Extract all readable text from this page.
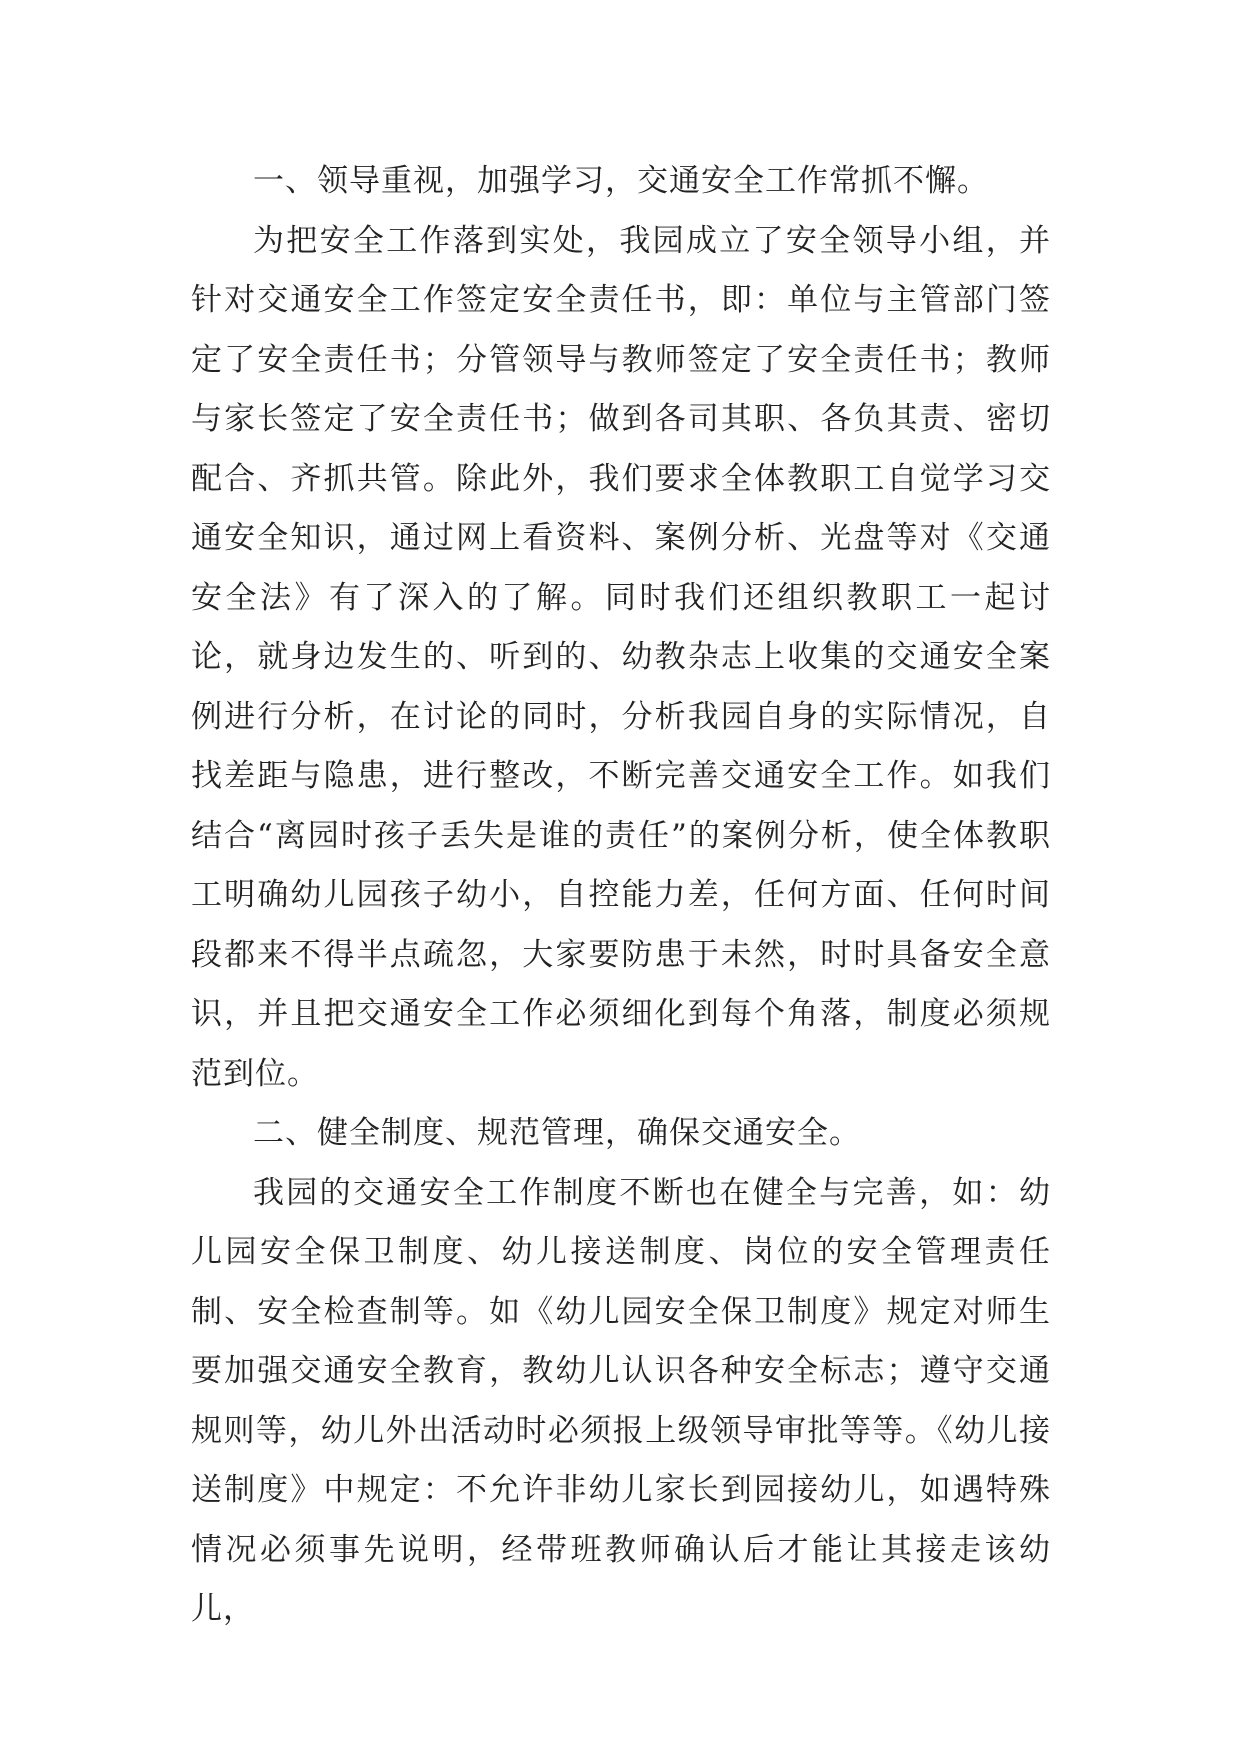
一、领导重视，加强学习，交通安全工作常抓不懈。

为把安全工作落到实处，我园成立了安全领导小组，并针对交通安全工作签定安全责任书，即：单位与主管部门签定了安全责任书；分管领导与教师签定了安全责任书；教师与家长签定了安全责任书；做到各司其职、各负其责、密切配合、齐抓共管。除此外，我们要求全体教职工自觉学习交通安全知识，通过网上看资料、案例分析、光盘等对《交通安全法》有了深入的了解。同时我们还组织教职工一起讨论，就身边发生的、听到的、幼教杂志上收集的交通安全案例进行分析，在讨论的同时，分析我园自身的实际情况，自找差距与隐患，进行整改，不断完善交通安全工作。如我们结合“离园时孩子丢失是谁的责任”的案例分析，使全体教职工明确幼儿园孩子幼小，自控能力差，任何方面、任何时间段都来不得半点疏忽，大家要防患于未然，时时具备安全意识，并且把交通安全工作必须细化到每个角落，制度必须规范到位。

二、健全制度、规范管理，确保交通安全。

我园的交通安全工作制度不断也在健全与完善，如：幼儿园安全保卫制度、幼儿接送制度、岗位的安全管理责任制、安全检查制等。如《幼儿园安全保卫制度》规定对师生要加强交通安全教育，教幼儿认识各种安全标志；遵守交通规则等，幼儿外出活动时必须报上级领导审批等等。《幼儿接送制度》中规定：不允许非幼儿家长到园接幼儿，如遇特殊情况必须事先说明，经带班教师确认后才能让其接走该幼儿，
